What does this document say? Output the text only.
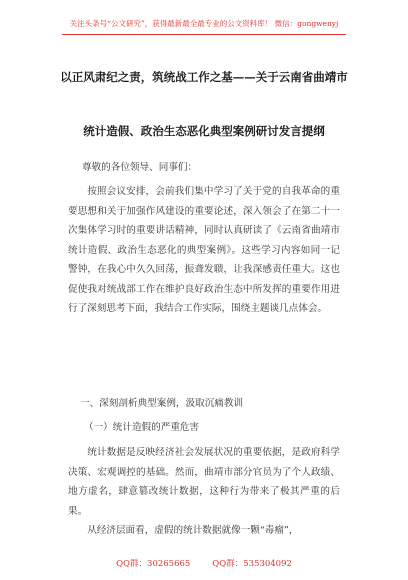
关注头条号“公文研究”，获得最新最全最专业的公文资料库！ 微信：gongwenyj
以正风肃纪之责，筑统战工作之基——关于云南省曲靖市
统计造假、政治生态恶化典型案例研讨发言提纲

尊敬的各位领导、同事们：

按照会议安排，会前我们集中学习了关于党的自我革命的重要思想和关于加强作风建设的重要论述，深入领会了在第二十一次集体学习时的重要讲话精神，同时认真研读了《云南省曲靖市统计造假、政治生态恶化的典型案例》。这些学习内容如同一记警钟，在我心中久久回荡，振聋发聩，让我深感责任重大。这也促使我对统战部工作在维护良好政治生态中所发挥的重要作用进行了深刻思考下面，我结合工作实际，围绕主题谈几点体会。

一、深刻剖析典型案例，汲取沉痛教训

（一）统计造假的严重危害

统计数据是反映经济社会发展状况的重要依据，是政府科学决策、宏观调控的基础。然而，曲靖市部分官员为了个人政绩、地方虚名，肆意篡改统计数据，这种行为带来了极其严重的后果。

从经济层面看，虚假的统计数据就像一颗“毒瘤”，

QQ群：30265665	QQ群：535304092
